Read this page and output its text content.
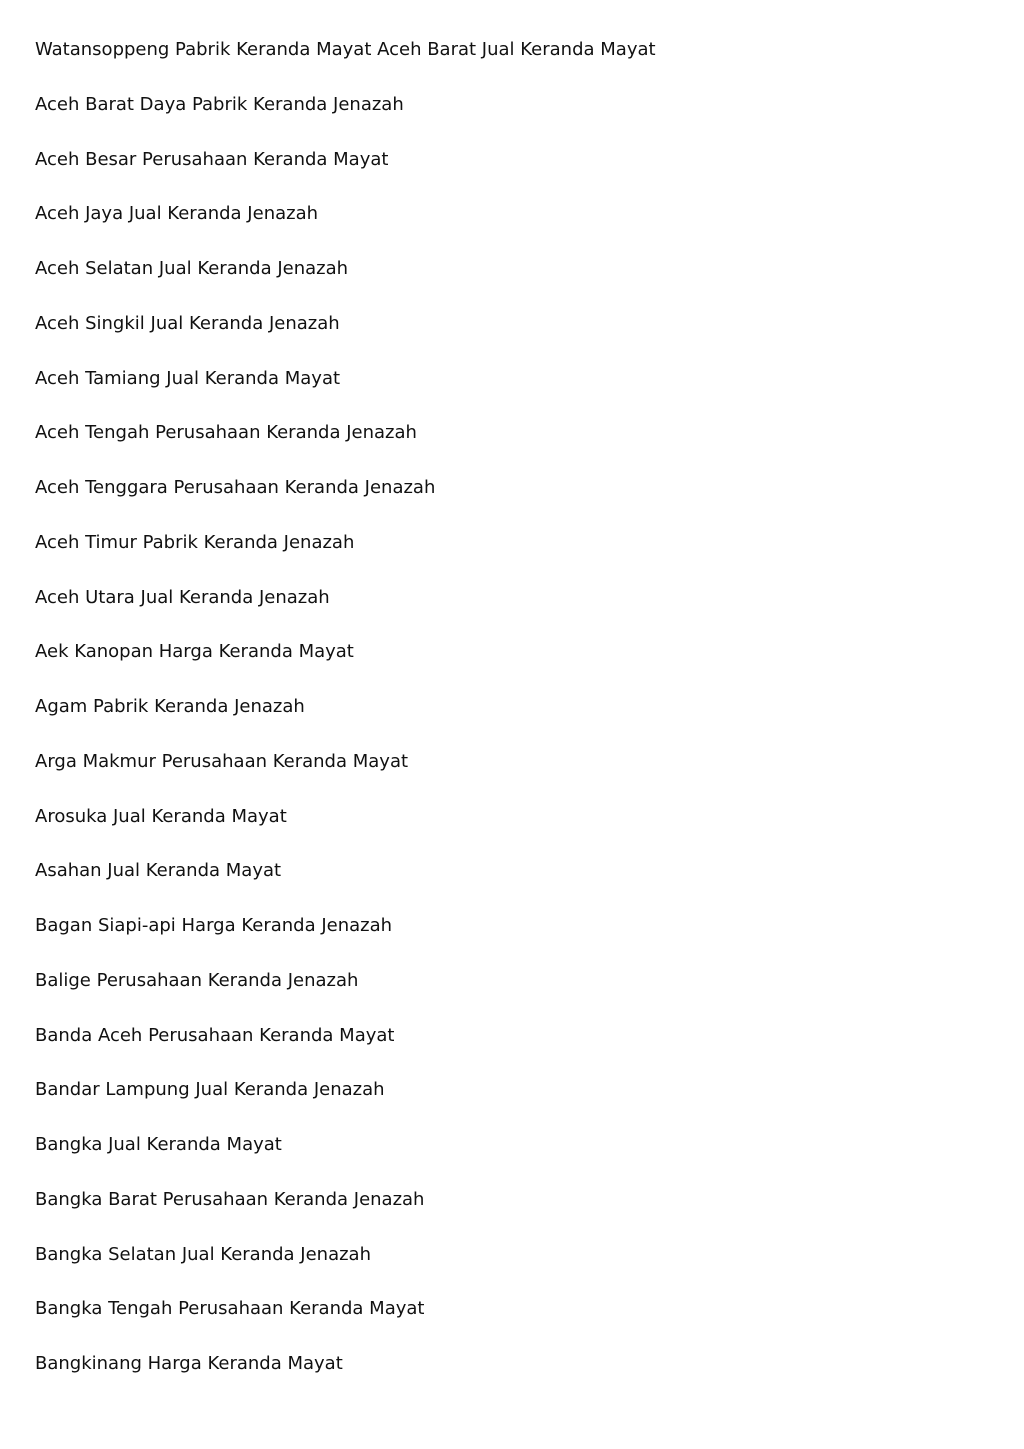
Watansoppeng Pabrik Keranda Mayat Aceh Barat Jual Keranda Mayat
Aceh Barat Daya Pabrik Keranda Jenazah
Aceh Besar Perusahaan Keranda Mayat
Aceh Jaya Jual Keranda Jenazah
Aceh Selatan Jual Keranda Jenazah
Aceh Singkil Jual Keranda Jenazah
Aceh Tamiang Jual Keranda Mayat
Aceh Tengah Perusahaan Keranda Jenazah
Aceh Tenggara Perusahaan Keranda Jenazah
Aceh Timur Pabrik Keranda Jenazah
Aceh Utara Jual Keranda Jenazah
Aek Kanopan Harga Keranda Mayat
Agam Pabrik Keranda Jenazah
Arga Makmur Perusahaan Keranda Mayat
Arosuka Jual Keranda Mayat
Asahan Jual Keranda Mayat
Bagan Siapi-api Harga Keranda Jenazah
Balige Perusahaan Keranda Jenazah
Banda Aceh Perusahaan Keranda Mayat
Bandar Lampung Jual Keranda Jenazah
Bangka Jual Keranda Mayat
Bangka Barat Perusahaan Keranda Jenazah
Bangka Selatan Jual Keranda Jenazah
Bangka Tengah Perusahaan Keranda Mayat
Bangkinang Harga Keranda Mayat
